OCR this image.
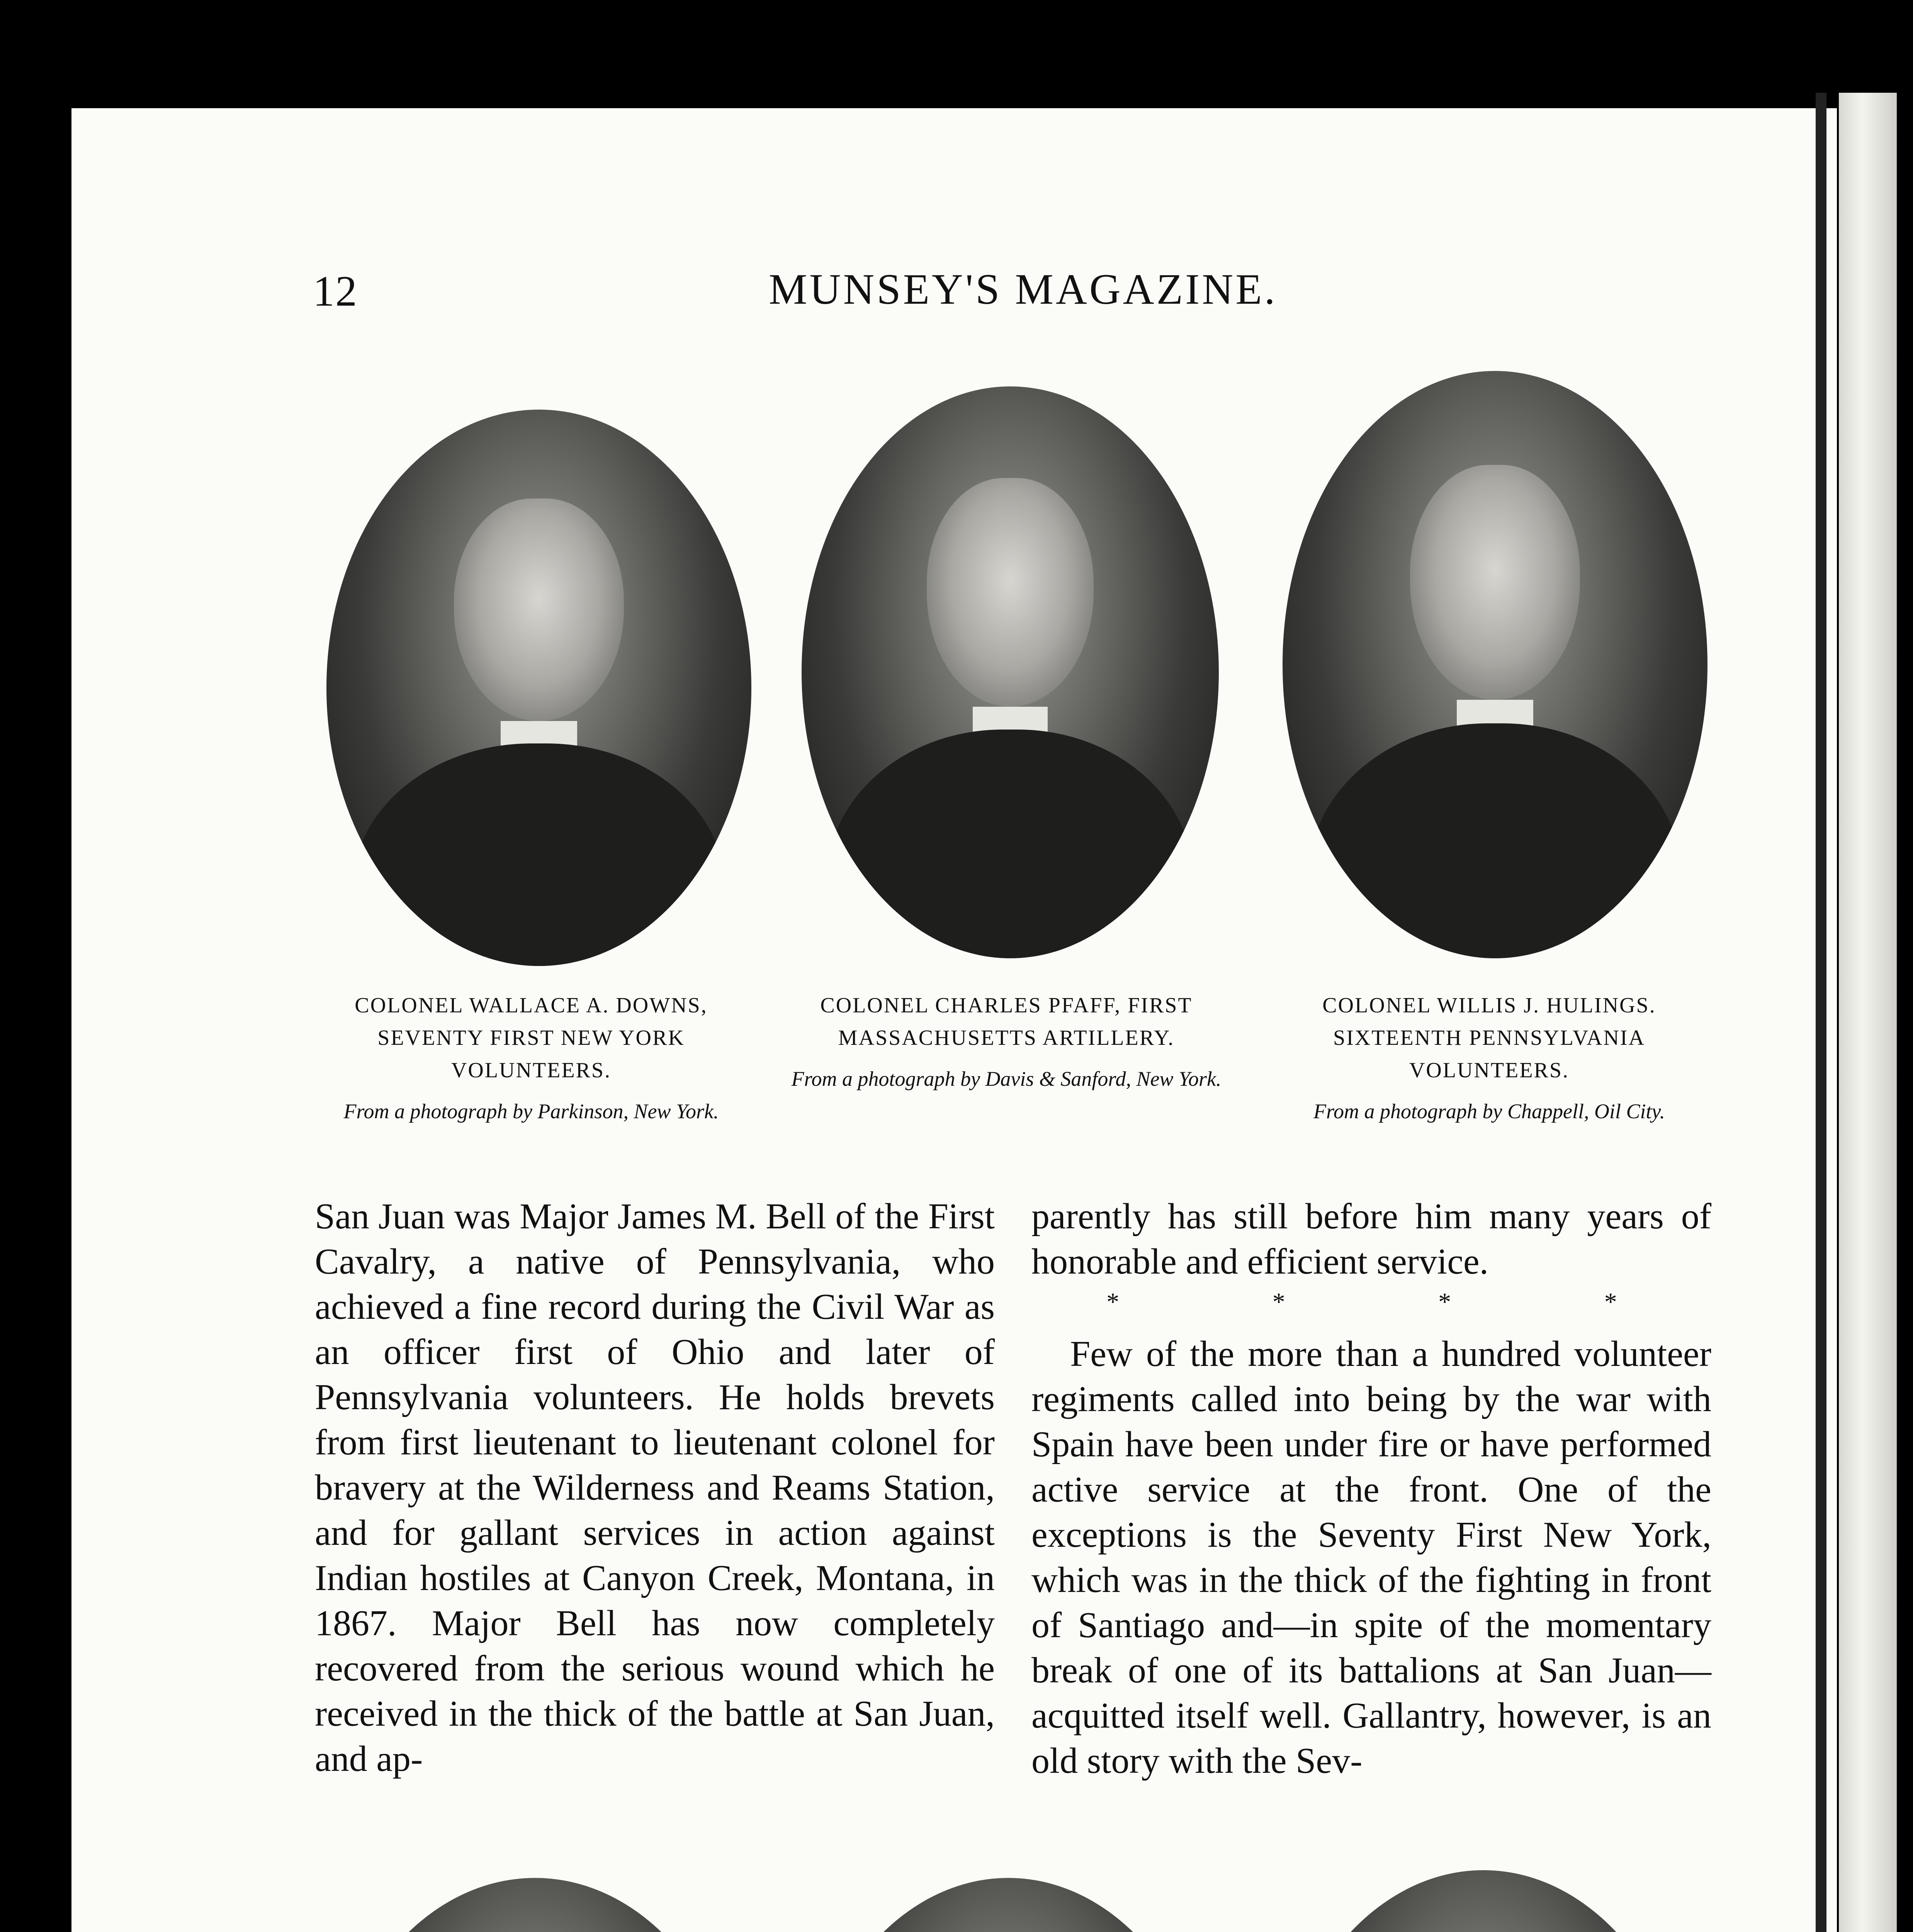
12	MUNSEY'S MAGAZINE.
COLONEL WALLACE A. DOWNS, SEVENTY FIRST NEW YORK VOLUNTEERS.
From a photograph by Parkinson, New York.
COLONEL CHARLES PFAFF, FIRST MASSACHUSETTS ARTILLERY.
From a photograph by Davis & Sanford, New York.
COLONEL WILLIS J. HULINGS. SIXTEENTH PENNSYLVANIA VOLUNTEERS.
From a photograph by Chappell, Oil City.

San Juan was Major James M. Bell of the First Cavalry, a native of Pennsylvania, who achieved a fine record during the Civil War as an officer first of Ohio and later of Pennsylvania volunteers. He holds brevets from first lieutenant to lieutenant colonel for bravery at the Wilderness and Reams Station, and for gallant services in action against Indian hostiles at Canyon Creek, Montana, in 1867. Major Bell has now completely recovered from the serious wound which he received in the thick of the battle at San Juan, and ap-

parently has still before him many years of honorable and efficient service.

* * * *

Few of the more than a hundred volunteer regiments called into being by the war with Spain have been under fire or have performed active service at the front. One of the exceptions is the Seventy First New York, which was in the thick of the fighting in front of Santiago and—in spite of the momentary break of one of its battalions at San Juan—acquitted itself well. Gallantry, however, is an old story with the Sev-
